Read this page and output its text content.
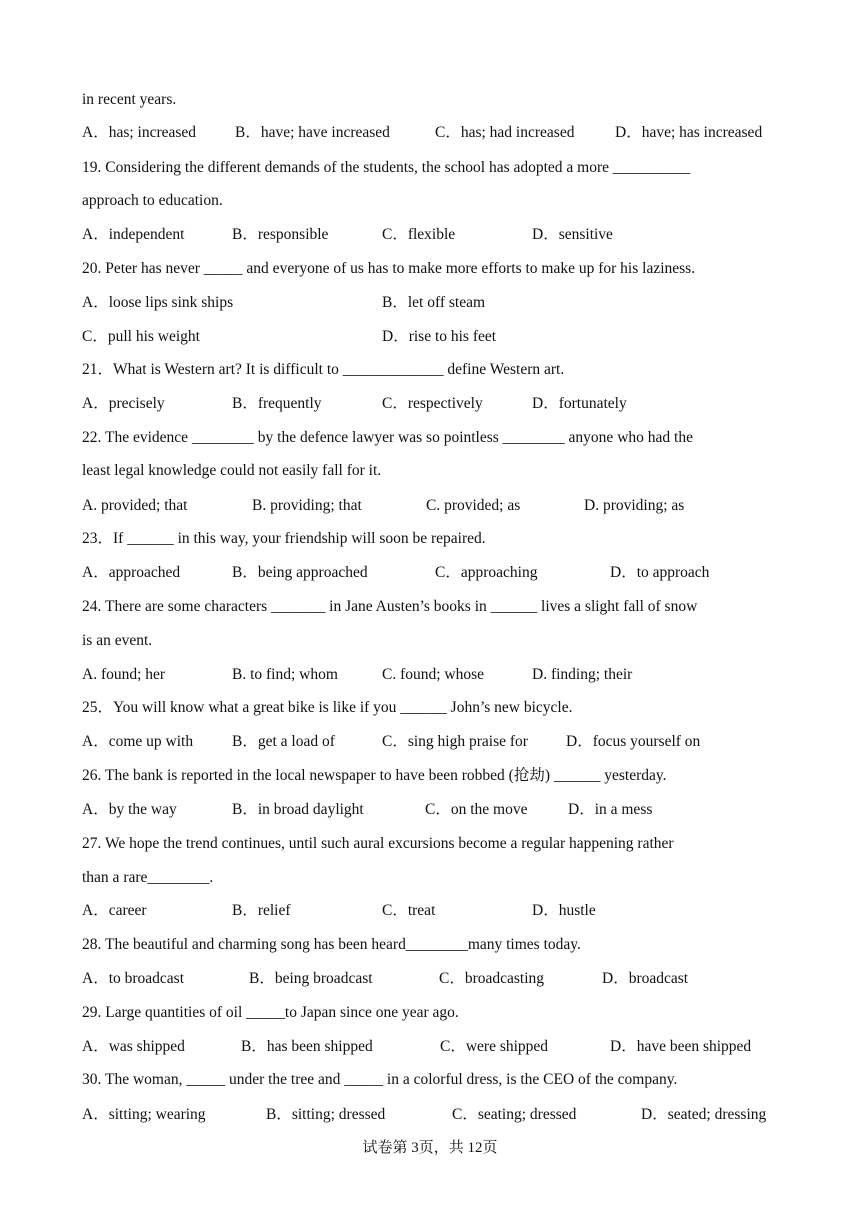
in recent years.
A．has; increased	B．have; have increased	C．has; had increased	D．have; has increased
19. Considering the different demands of the students, the school has adopted a more __________
approach to education.
A．independent	B．responsible	C．flexible	D．sensitive
20. Peter has never _____ and everyone of us has to make more efforts to make up for his laziness.
A．loose lips sink ships	B．let off steam
C．pull his weight	D．rise to his feet
21．What is Western art? It is difficult to _____________ define Western art.
A．precisely	B．frequently	C．respectively	D．fortunately
22. The evidence ________ by the defence lawyer was so pointless ________ anyone who had the
least legal knowledge could not easily fall for it.
A. provided; that	B. providing; that	C. provided; as	D. providing; as
23．If ______ in this way, your friendship will soon be repaired.
A．approached	B．being approached	C．approaching	D．to approach
24. There are some characters _______ in Jane Austen’s books in ______ lives a slight fall of snow
is an event.
A. found; her	B. to find; whom	C. found; whose	D. finding; their
25．You will know what a great bike is like if you ______ John’s new bicycle.
A．come up with	B．get a load of	C．sing high praise for D．focus yourself on
26. The bank is reported in the local newspaper to have been robbed (抢劫) ______ yesterday.
A．by the way	B．in broad daylight	C．on the move	D．in a mess
27. We hope the trend continues, until such aural excursions become a regular happening rather
than a rare________.
A．career	B．relief	C．treat	D．hustle
28. The beautiful and charming song has been heard________many times today.
A．to broadcast	B．being broadcast	C．broadcasting	D．broadcast
29. Large quantities of oil _____to Japan since one year ago.
A．was shipped	B．has been shipped	C．were shipped	D．have been shipped
30. The woman, _____ under the tree and _____ in a colorful dress, is the CEO of the company.
A．sitting; wearing	B．sitting; dressed	C．seating; dressed	D．seated; dressing
试卷第 3页，共 12页
